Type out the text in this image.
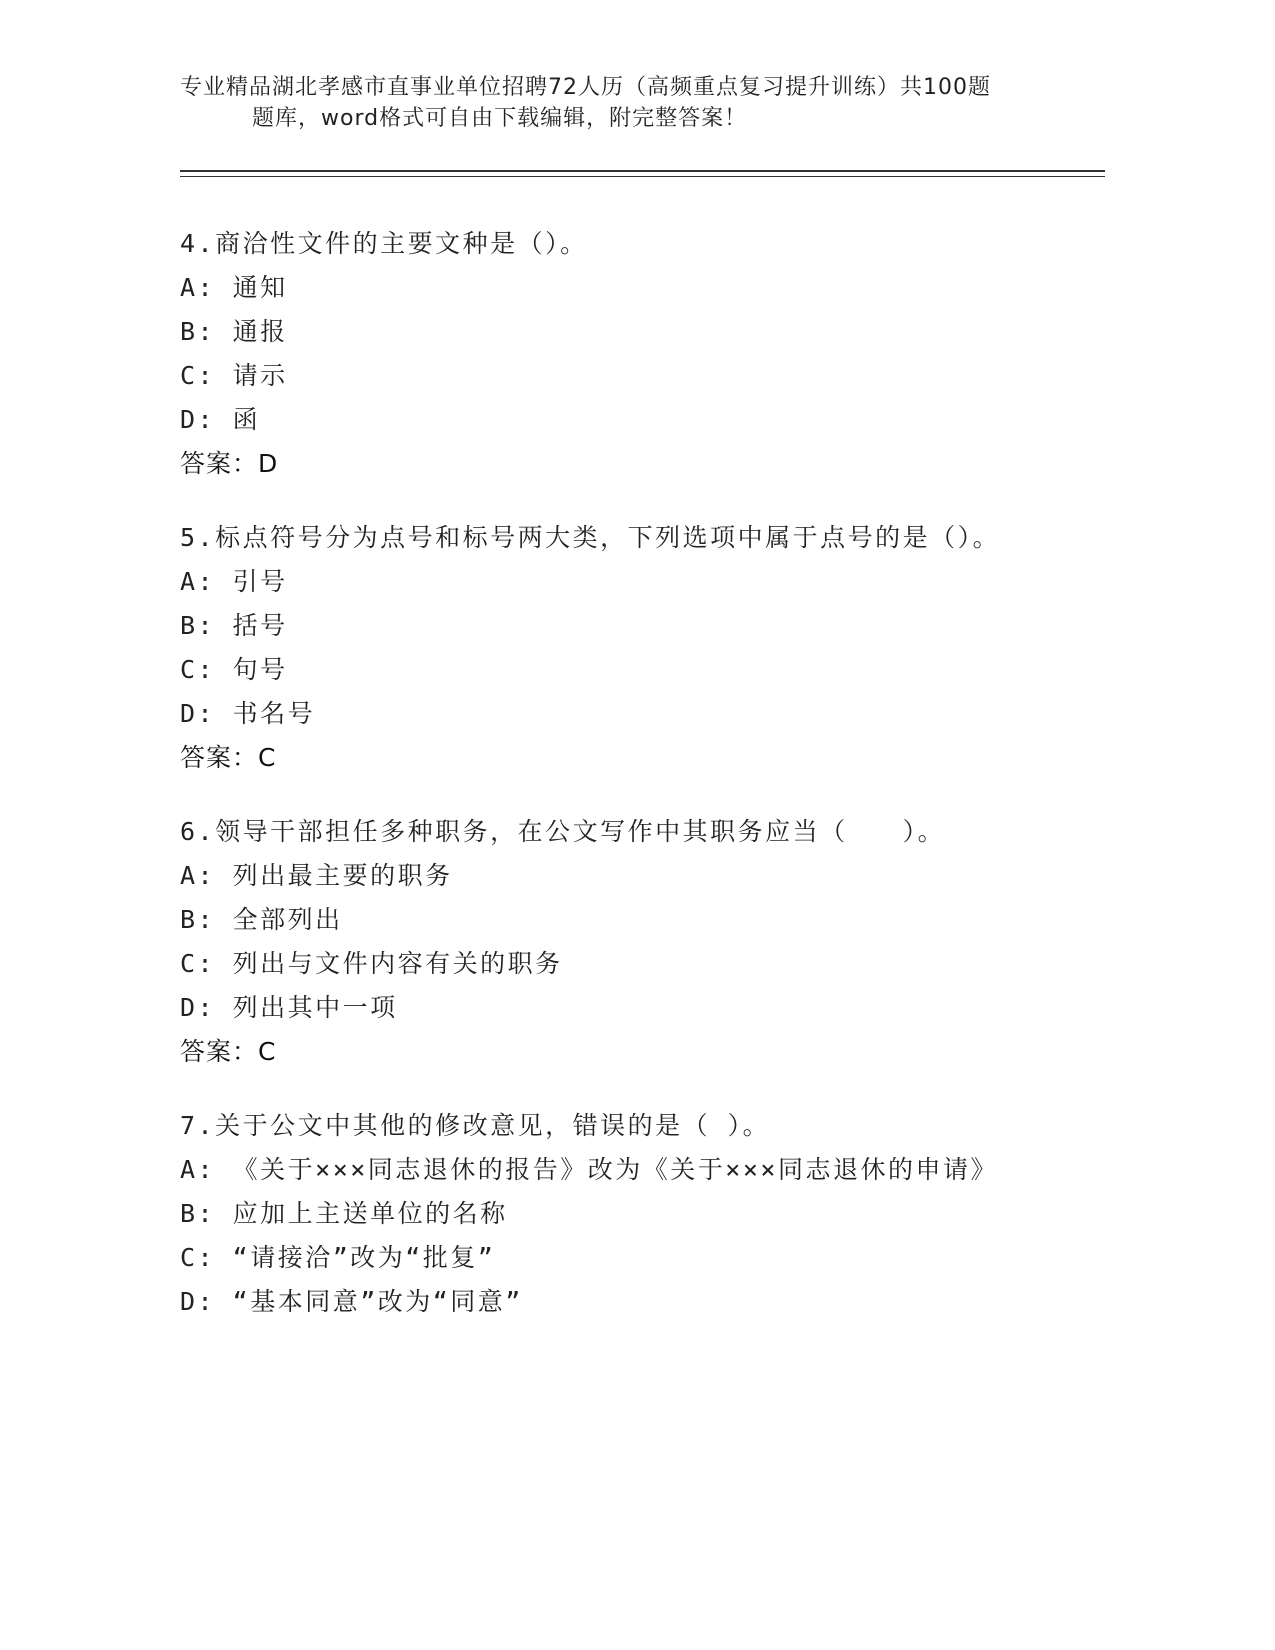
专业精品湖北孝感市直事业单位招聘72人历（高频重点复习提升训练）共100题
题库，word格式可自由下载编辑，附完整答案！
4.商洽性文件的主要文种是（）。
A: 通知
B: 通报
C: 请示
D: 函
答案：D
5.标点符号分为点号和标号两大类，下列选项中属于点号的是（）。
A: 引号
B: 括号
C: 句号
D: 书名号
答案：C
6.领导干部担任多种职务，在公文写作中其职务应当（　　）。
A: 列出最主要的职务
B: 全部列出
C: 列出与文件内容有关的职务
D: 列出其中一项
答案：C
7.关于公文中其他的修改意见，错误的是（ ）。
A: 《关于×××同志退休的报告》改为《关于×××同志退休的申请》
B: 应加上主送单位的名称
C: “请接洽”改为“批复”
D: “基本同意”改为“同意”
